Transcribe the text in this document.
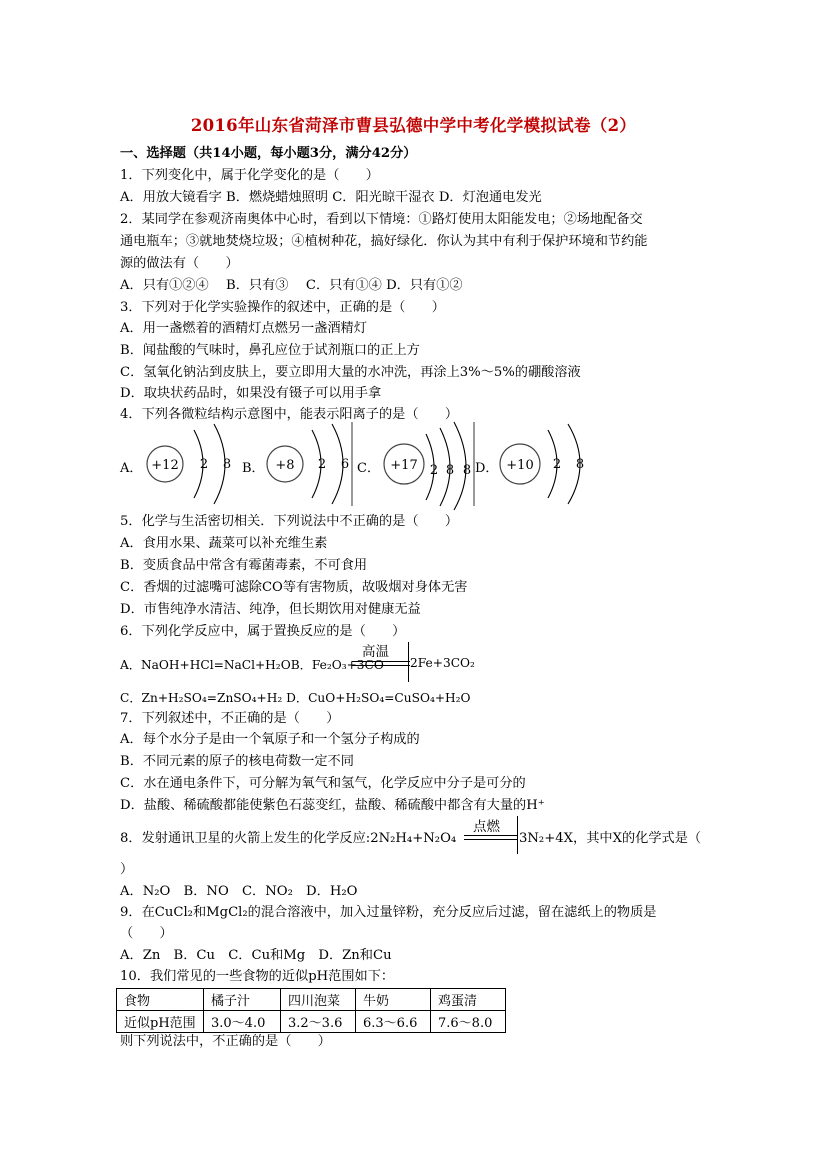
2016年山东省菏泽市曹县弘德中学中考化学模拟试卷（2）
一、选择题（共14小题，每小题3分，满分42分）
1．下列变化中，属于化学变化的是（　　）
A．用放大镜看字 B．燃烧蜡烛照明 C．阳光晾干湿衣 D．灯泡通电发光
2．某同学在参观济南奥体中心时，看到以下情境：①路灯使用太阳能发电；②场地配备交
通电瓶车；③就地焚烧垃圾；④植树种花，搞好绿化．你认为其中有利于保护环境和节约能
源的做法有（　　）
A．只有①②④　 B．只有③　 C．只有①④ D．只有①②
3．下列对于化学实验操作的叙述中，正确的是（　　）
A．用一盏燃着的酒精灯点燃另一盏酒精灯
B．闻盐酸的气味时，鼻孔应位于试剂瓶口的正上方
C．氢氧化钠沾到皮肤上，要立即用大量的水冲洗，再涂上3%～5%的硼酸溶液
D．取块状药品时，如果没有镊子可以用手拿
4．下列各微粒结构示意图中，能表示阳离子的是（　　）
A． +12 2 8 B． +8 2 6 C． +17 2 8 8 D． +10 2 8
5．化学与生活密切相关．下列说法中不正确的是（　　）
A．食用水果、蔬菜可以补充维生素
B．变质食品中常含有霉菌毒素，不可食用
C．香烟的过滤嘴可滤除CO等有害物质，故吸烟对身体无害
D．市售纯净水清洁、纯净，但长期饮用对健康无益
6．下列化学反应中，属于置换反应的是（　　）
A．NaOH+HCl=NaCl+H₂OB．Fe₂O₃+3CO
高温
2Fe+3CO₂
C．Zn+H₂SO₄=ZnSO₄+H₂ D．CuO+H₂SO₄=CuSO₄+H₂O
7．下列叙述中，不正确的是（　　）
A．每个水分子是由一个氧原子和一个氢分子构成的
B．不同元素的原子的核电荷数一定不同
C．水在通电条件下，可分解为氧气和氢气，化学反应中分子是可分的
D．盐酸、稀硫酸都能使紫色石蕊变红，盐酸、稀硫酸中都含有大量的H⁺
8．发射通讯卫星的火箭上发生的化学反应:2N₂H₄+N₂O₄
点燃
3N₂+4X，其中X的化学式是（
）
A．N₂O　B．NO　C．NO₂　D．H₂O
9．在CuCl₂和MgCl₂的混合溶液中，加入过量锌粉，充分反应后过滤，留在滤纸上的物质是
（　　）
A．Zn　B．Cu　C．Cu和Mg　D．Zn和Cu
10．我们常见的一些食物的近似pH范围如下：
食物	橘子汁	四川泡菜	牛奶	鸡蛋清
近似pH范围	3.0～4.0	3.2～3.6	6.3～6.6	7.6～8.0
则下列说法中，不正确的是（　　）
